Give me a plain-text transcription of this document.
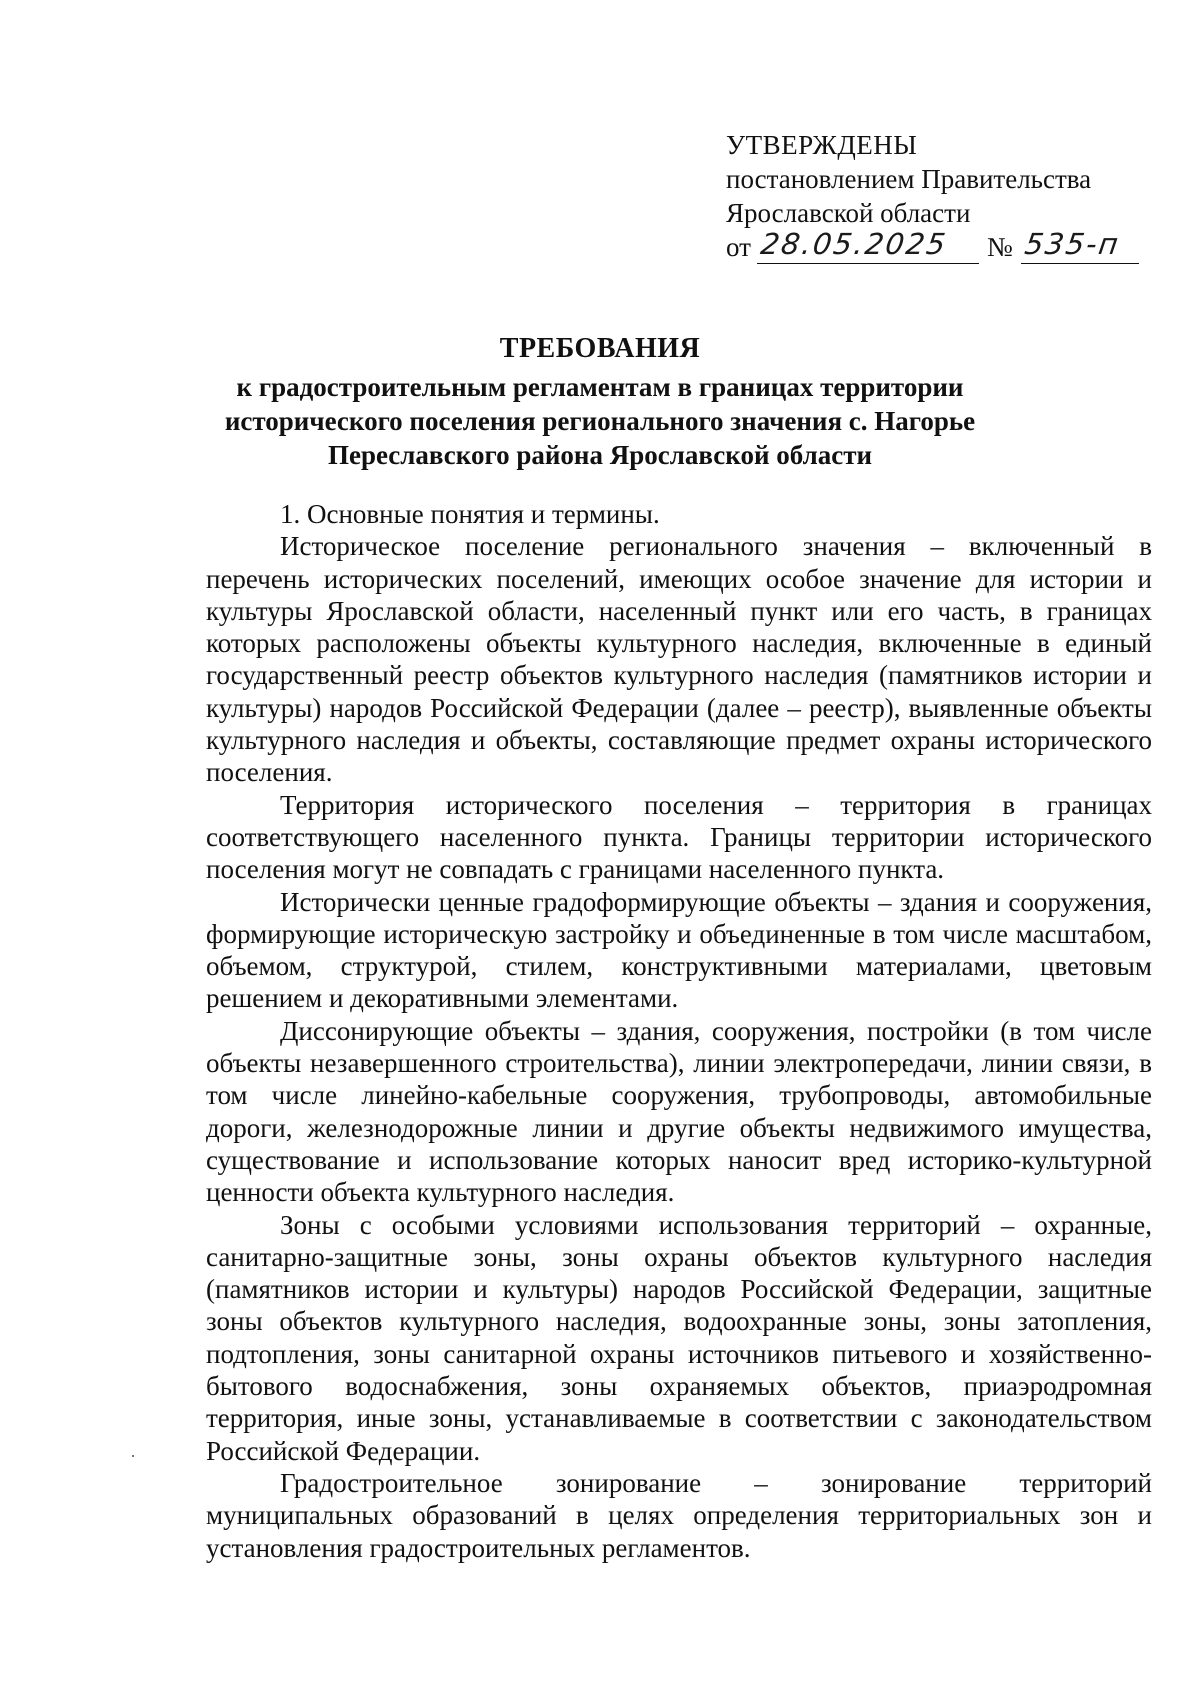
УТВЕРЖДЕНЫ
постановлением Правительства
Ярославской области
от 28.05.2025 № 535-п
ТРЕБОВАНИЯ
к градостроительным регламентам в границах территории
исторического поселения регионального значения с. Нагорье
Переславского района Ярославской области

1. Основные понятия и термины.

Историческое поселение регионального значения – включенный в перечень исторических поселений, имеющих особое значение для истории и культуры Ярославской области, населенный пункт или его часть, в границах которых расположены объекты культурного наследия, включенные в единый государственный реестр объектов культурного наследия (памятников истории и культуры) народов Российской Федерации (далее – реестр), выявленные объекты культурного наследия и объекты, составляющие предмет охраны исторического поселения.

Территория исторического поселения – территория в границах соответствующего населенного пункта. Границы территории исторического поселения могут не совпадать с границами населенного пункта.

Исторически ценные градоформирующие объекты – здания и сооружения, формирующие историческую застройку и объединенные в том числе масштабом, объемом, структурой, стилем, конструктивными материалами, цветовым решением и декоративными элементами.

Диссонирующие объекты – здания, сооружения, постройки (в том числе объекты незавершенного строительства), линии электропередачи, линии связи, в том числе линейно-кабельные сооружения, трубопроводы, автомобильные дороги, железнодорожные линии и другие объекты недвижимого имущества, существование и использование которых наносит вред историко-культурной ценности объекта культурного наследия.

Зоны с особыми условиями использования территорий – охранные, санитарно-защитные зоны, зоны охраны объектов культурного наследия (памятников истории и культуры) народов Российской Федерации, защитные зоны объектов культурного наследия, водоохранные зоны, зоны затопления, подтопления, зоны санитарной охраны источников питьевого и хозяйственно-бытового водоснабжения, зоны охраняемых объектов, приаэродромная территория, иные зоны, устанавливаемые в соответствии с законодательством Российской Федерации.

Градостроительное зонирование – зонирование территорий муниципальных образований в целях определения территориальных зон и установления градостроительных регламентов.
